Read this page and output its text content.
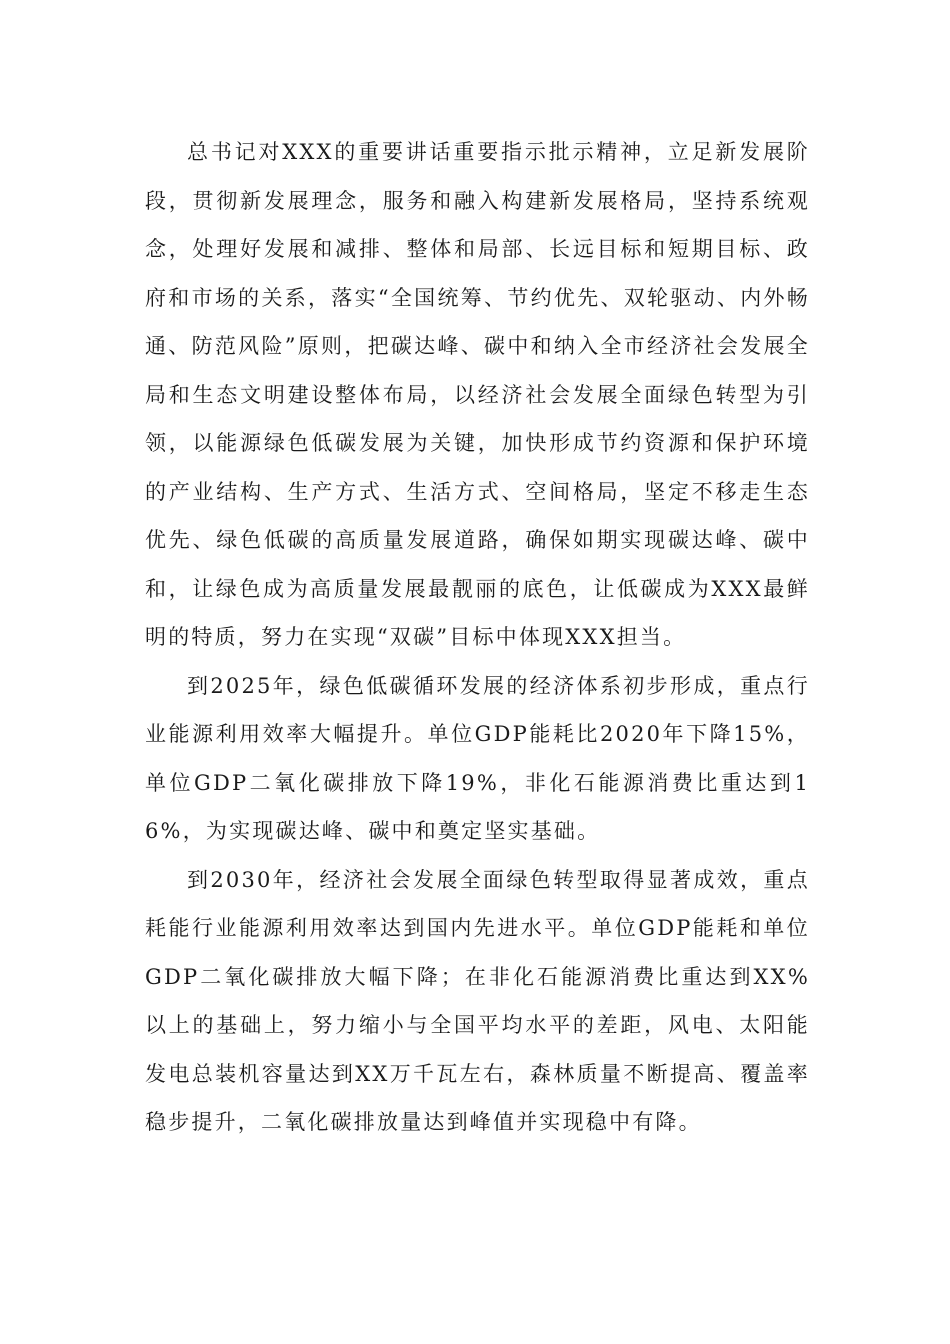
总书记对XXX的重要讲话重要指示批示精神，立足新发展阶段，贯彻新发展理念，服务和融入构建新发展格局，坚持系统观念，处理好发展和减排、整体和局部、长远目标和短期目标、政府和市场的关系，落实“全国统筹、节约优先、双轮驱动、内外畅通、防范风险”原则，把碳达峰、碳中和纳入全市经济社会发展全局和生态文明建设整体布局，以经济社会发展全面绿色转型为引领，以能源绿色低碳发展为关键，加快形成节约资源和保护环境的产业结构、生产方式、生活方式、空间格局，坚定不移走生态优先、绿色低碳的高质量发展道路，确保如期实现碳达峰、碳中和，让绿色成为高质量发展最靓丽的底色，让低碳成为XXX最鲜明的特质，努力在实现“双碳”目标中体现XXX担当。

到2025年，绿色低碳循环发展的经济体系初步形成，重点行业能源利用效率大幅提升。单位GDP能耗比2020年下降15%，单位GDP二氧化碳排放下降19%，非化石能源消费比重达到16%，为实现碳达峰、碳中和奠定坚实基础。

到2030年，经济社会发展全面绿色转型取得显著成效，重点耗能行业能源利用效率达到国内先进水平。单位GDP能耗和单位GDP二氧化碳排放大幅下降；在非化石能源消费比重达到XX%以上的基础上，努力缩小与全国平均水平的差距，风电、太阳能发电总装机容量达到XX万千瓦左右，森林质量不断提高、覆盖率稳步提升，二氧化碳排放量达到峰值并实现稳中有降。
